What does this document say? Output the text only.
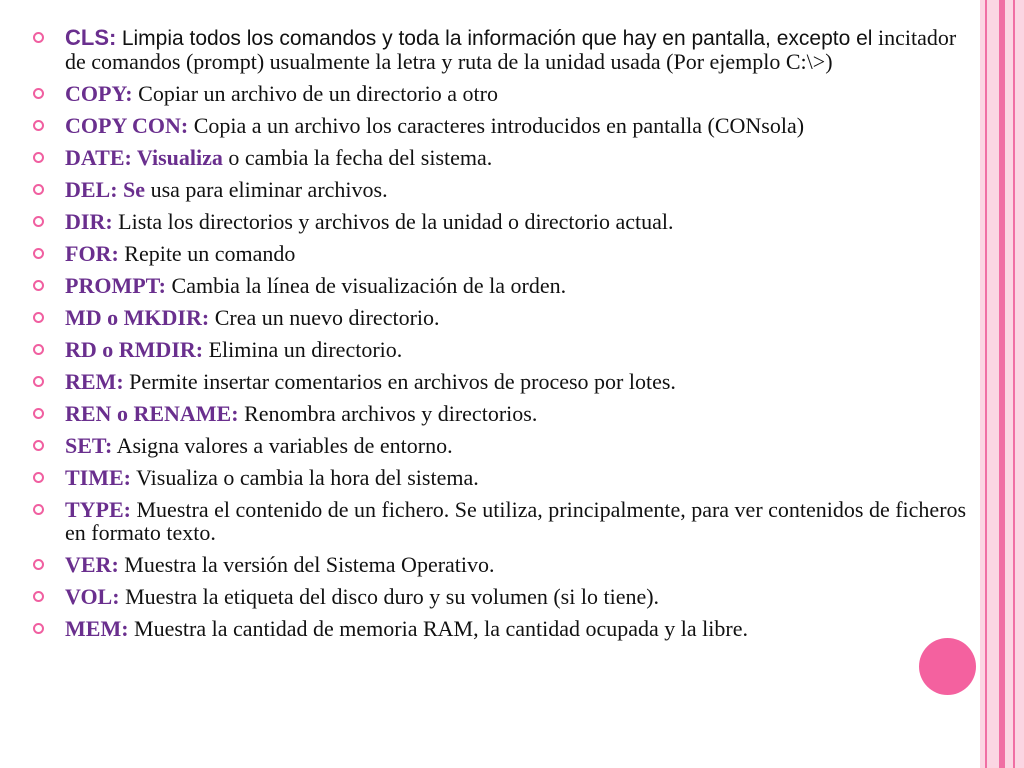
CLS: Limpia todos los comandos y toda la información que hay en pantalla, excepto el incitador de comandos (prompt) usualmente la letra y ruta de la unidad usada (Por ejemplo C:\>)
COPY: Copiar un archivo de un directorio a otro
COPY CON: Copia a un archivo los caracteres introducidos en pantalla (CONsola)
DATE: Visualiza o cambia la fecha del sistema.
DEL: Se usa para eliminar archivos.
DIR: Lista los directorios y archivos de la unidad o directorio actual.
FOR: Repite un comando
PROMPT: Cambia la línea de visualización de la orden.
MD o MKDIR: Crea un nuevo directorio.
RD o RMDIR: Elimina un directorio.
REM: Permite insertar comentarios en archivos de proceso por lotes.
REN o RENAME: Renombra archivos y directorios.
SET: Asigna valores a variables de entorno.
TIME: Visualiza o cambia la hora del sistema.
TYPE: Muestra el contenido de un fichero. Se utiliza, principalmente, para ver contenidos de ficheros en formato texto.
VER: Muestra la versión del Sistema Operativo.
VOL: Muestra la etiqueta del disco duro y su volumen (si lo tiene).
MEM: Muestra la cantidad de memoria RAM, la cantidad ocupada y la libre.
